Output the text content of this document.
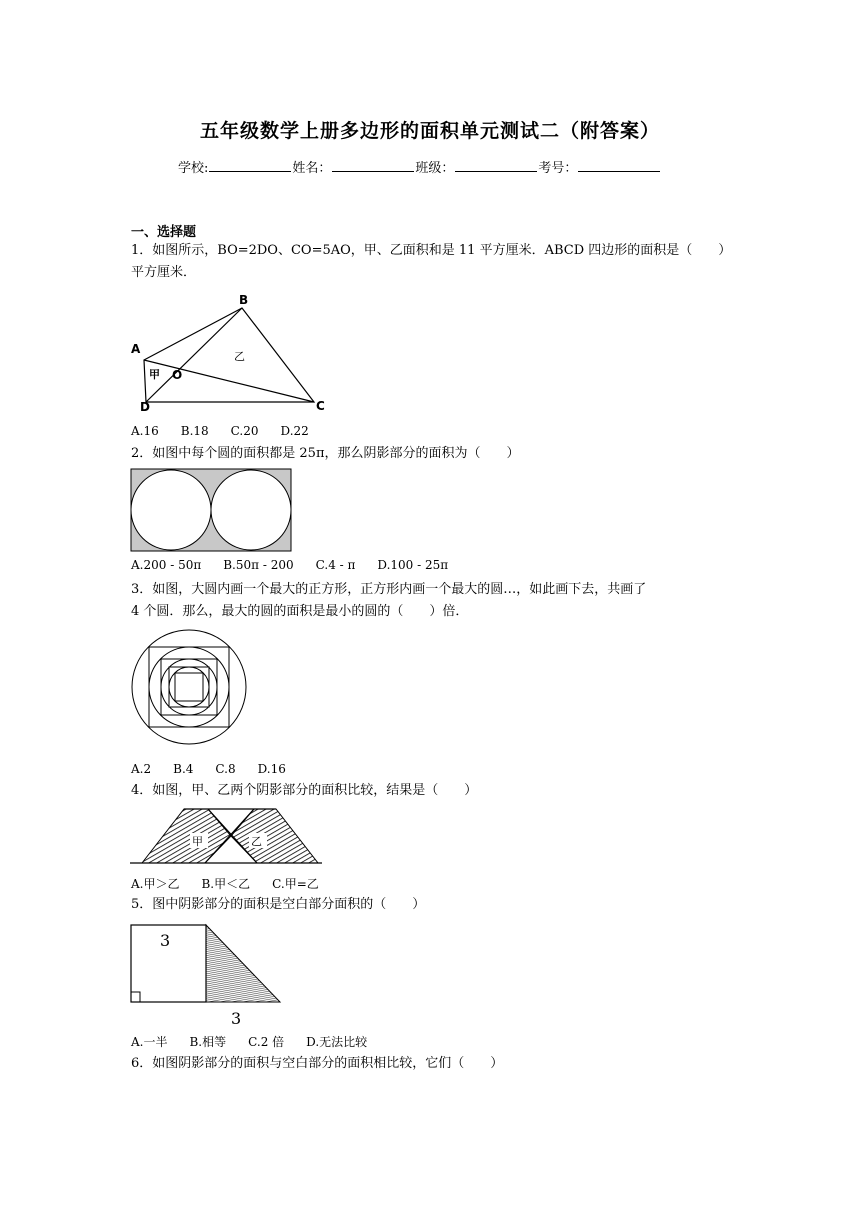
五年级数学上册多边形的面积单元测试二（附答案）
学校:	姓名：	班级：	考号：
一、选择题
1．如图所示，BO=2DO、CO=5AO，甲、乙面积和是 11 平方厘米．ABCD 四边形的面积是（　　）
平方厘米．
A
B
C
D
O
甲
乙
A.16 B.18 C.20 D.22
2．如图中每个圆的面积都是 25π，那么阴影部分的面积为（　　）
A.200 - 50π B.50π - 200 C.4 - π D.100 - 25π
3．如图，大圆内画一个最大的正方形，正方形内画一个最大的圆…，如此画下去，共画了
4 个圆．那么，最大的圆的面积是最小的圆的（　　）倍．
A.2 B.4 C.8 D.16
4．如图，甲、乙两个阴影部分的面积比较，结果是（　　）
甲	乙
A.甲＞乙 B.甲＜乙 C.甲=乙
5．图中阴影部分的面积是空白部分面积的（　　）
3
3
A.一半 B.相等 C.2 倍 D.无法比较
6．如图阴影部分的面积与空白部分的面积相比较，它们（　　）
